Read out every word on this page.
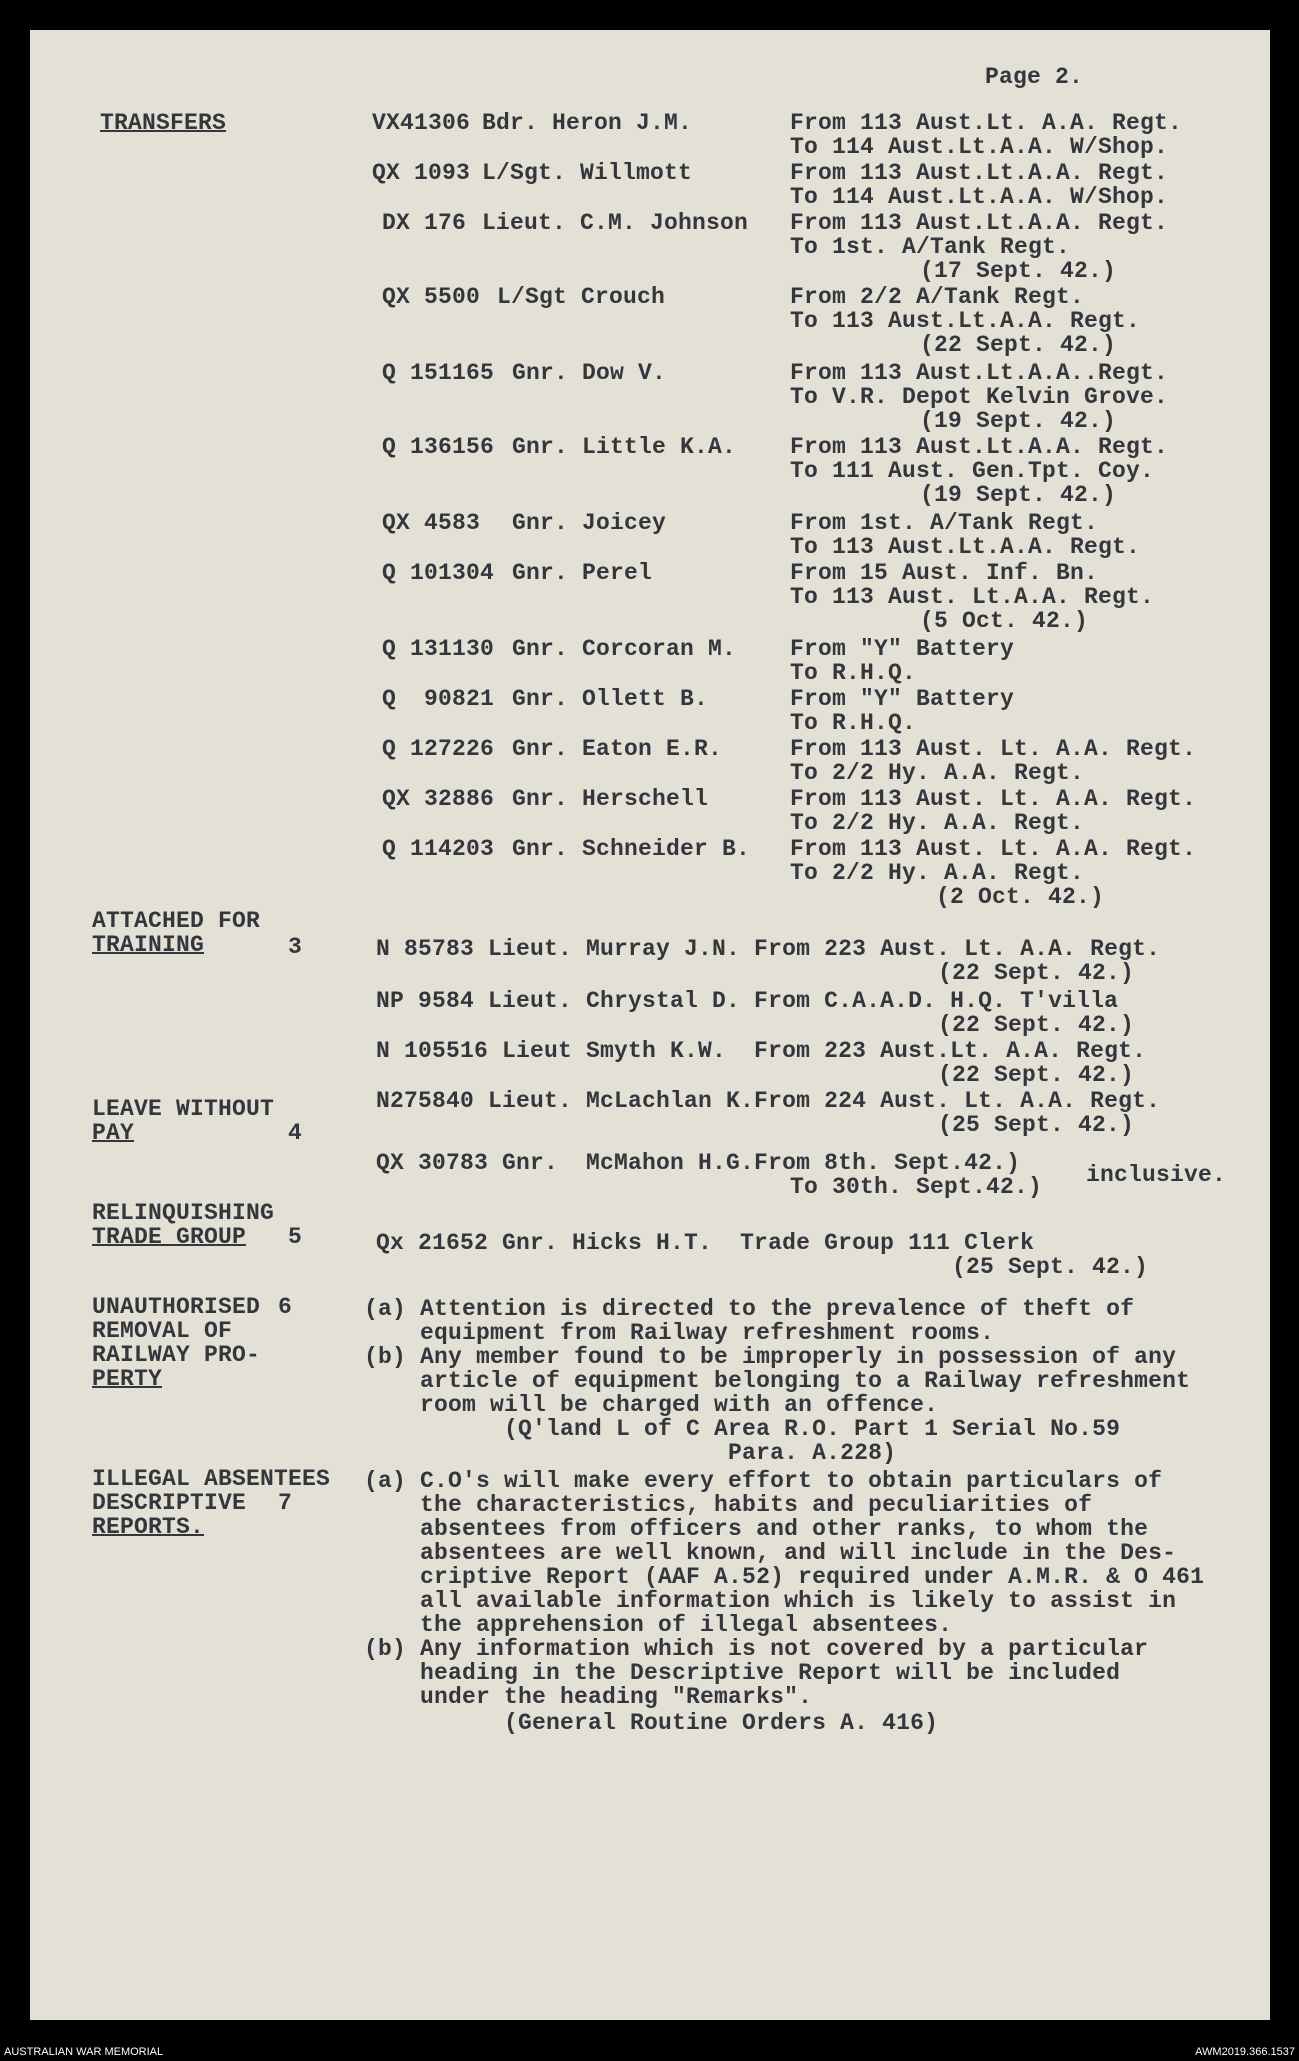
Page 2.
TRANSFERS	VX41306 Bdr. Heron J.M.	From 113 Aust.Lt. A.A. Regt.
To 114 Aust.Lt.A.A. W/Shop.
QX 1093 L/Sgt. Willmott	From 113 Aust.Lt.A.A. Regt.
To 114 Aust.Lt.A.A. W/Shop.
DX 176 Lieut. C.M. Johnson From 113 Aust.Lt.A.A. Regt.
To 1st. A/Tank Regt.
(17 Sept. 42.)
QX 5500 L/Sgt Crouch	From 2/2 A/Tank Regt.
To 113 Aust.Lt.A.A. Regt.
(22 Sept. 42.)
Q 151165 Gnr. Dow V.	From 113 Aust.Lt.A.A..Regt.
To V.R. Depot Kelvin Grove.
(19 Sept. 42.)
Q 136156 Gnr. Little K.A. From 113 Aust.Lt.A.A. Regt.
To 111 Aust. Gen.Tpt. Coy.
(19 Sept. 42.)
QX 4583 Gnr. Joicey	From 1st. A/Tank Regt.
To 113 Aust.Lt.A.A. Regt.
Q 101304 Gnr. Perel	From 15 Aust. Inf. Bn.
To 113 Aust. Lt.A.A. Regt.
(5 Oct. 42.)
Q 131130 Gnr. Corcoran M. From "Y" Battery
To R.H.Q.
Q  90821 Gnr. Ollett B.	From "Y" Battery
To R.H.Q.
Q 127226 Gnr. Eaton E.R.	From 113 Aust. Lt. A.A. Regt.
To 2/2 Hy. A.A. Regt.
QX 32886 Gnr. Herschell	From 113 Aust. Lt. A.A. Regt.
To 2/2 Hy. A.A. Regt.
Q 114203 Gnr. Schneider B. From 113 Aust. Lt. A.A. Regt.
To 2/2 Hy. A.A. Regt.
(2 Oct. 42.)
ATTACHED FOR
TRAINING	3	N 85783 Lieut. Murray J.N. From 223 Aust. Lt. A.A. Regt.
(22 Sept. 42.)
NP 9584 Lieut. Chrystal D. From C.A.A.D. H.Q. T'villa
(22 Sept. 42.)
N 105516 Lieut Smyth K.W.  From 223 Aust.Lt. A.A. Regt.
(22 Sept. 42.)
N275840 Lieut. McLachlan K.From 224 Aust. Lt. A.A. Regt.
(25 Sept. 42.)
LEAVE WITHOUT
PAY	4
QX 30783 Gnr.  McMahon H.G.From 8th. Sept.42.)
To 30th. Sept.42.) inclusive.
RELINQUISHING
TRADE GROUP 5	Qx 21652 Gnr. Hicks H.T.  Trade Group 111 Clerk
(25 Sept. 42.)
UNAUTHORISED 6
REMOVAL OF
RAILWAY PRO-
PERTY
(a) Attention is directed to the prevalence of theft of
equipment from Railway refreshment rooms.
(b) Any member found to be improperly in possession of any
article of equipment belonging to a Railway refreshment
room will be charged with an offence.
(Q'land L of C Area R.O. Part 1 Serial No.59
Para. A.228)
ILLEGAL ABSENTEES
DESCRIPTIVE 7
REPORTS.
(a) C.O's will make every effort to obtain particulars of
the characteristics, habits and peculiarities of
absentees from officers and other ranks, to whom the
absentees are well known, and will include in the Des-
criptive Report (AAF A.52) required under A.M.R. & O 461
all available information which is likely to assist in
the apprehension of illegal absentees.
(b) Any information which is not covered by a particular
heading in the Descriptive Report will be included
under the heading "Remarks".
(General Routine Orders A. 416)
AUSTRALIAN WAR MEMORIAL	AWM2019.366.1537
